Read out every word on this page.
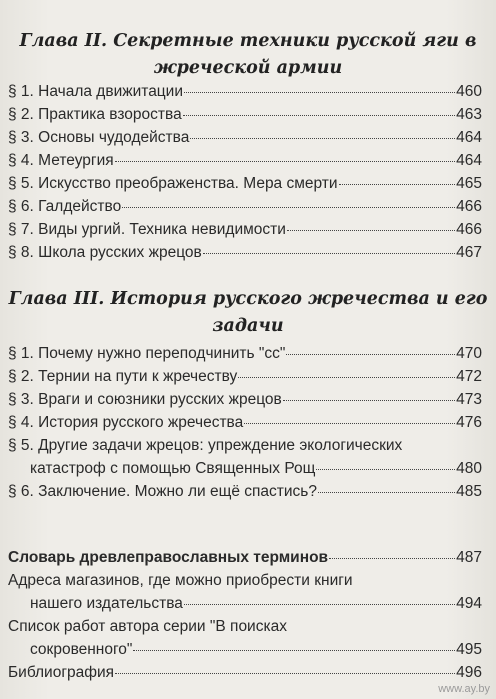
Глава II. Секретные техники русской яги в
жреческой армии
§ 1. Начала движитации	460
§ 2. Практика взороства	463
§ 3. Основы чудодейства	464
§ 4. Метеургия	464
§ 5. Искусство преображенства. Мера смерти	465
§ 6. Галдейство	466
§ 7. Виды ургий. Техника невидимости	466
§ 8. Школа русских жрецов	467
Глава III. История русского жречества и его
задачи
§ 1. Почему нужно переподчинить "сс"	470
§ 2. Тернии на пути к жречеству	472
§ 3. Враги и союзники русских жрецов	473
§ 4. История русского жречества	476
§ 5. Другие задачи жрецов: упреждение экологических
катастроф с помощью Священных Рощ	480
§ 6. Заключение. Можно ли ещё спастись?	485
Словарь древлеправославных терминов	487
Адреса магазинов, где можно приобрести книги
нашего издательства	494
Список работ автора серии "В поисках
сокровенного"	495
Библиография	496
www.ay.by
